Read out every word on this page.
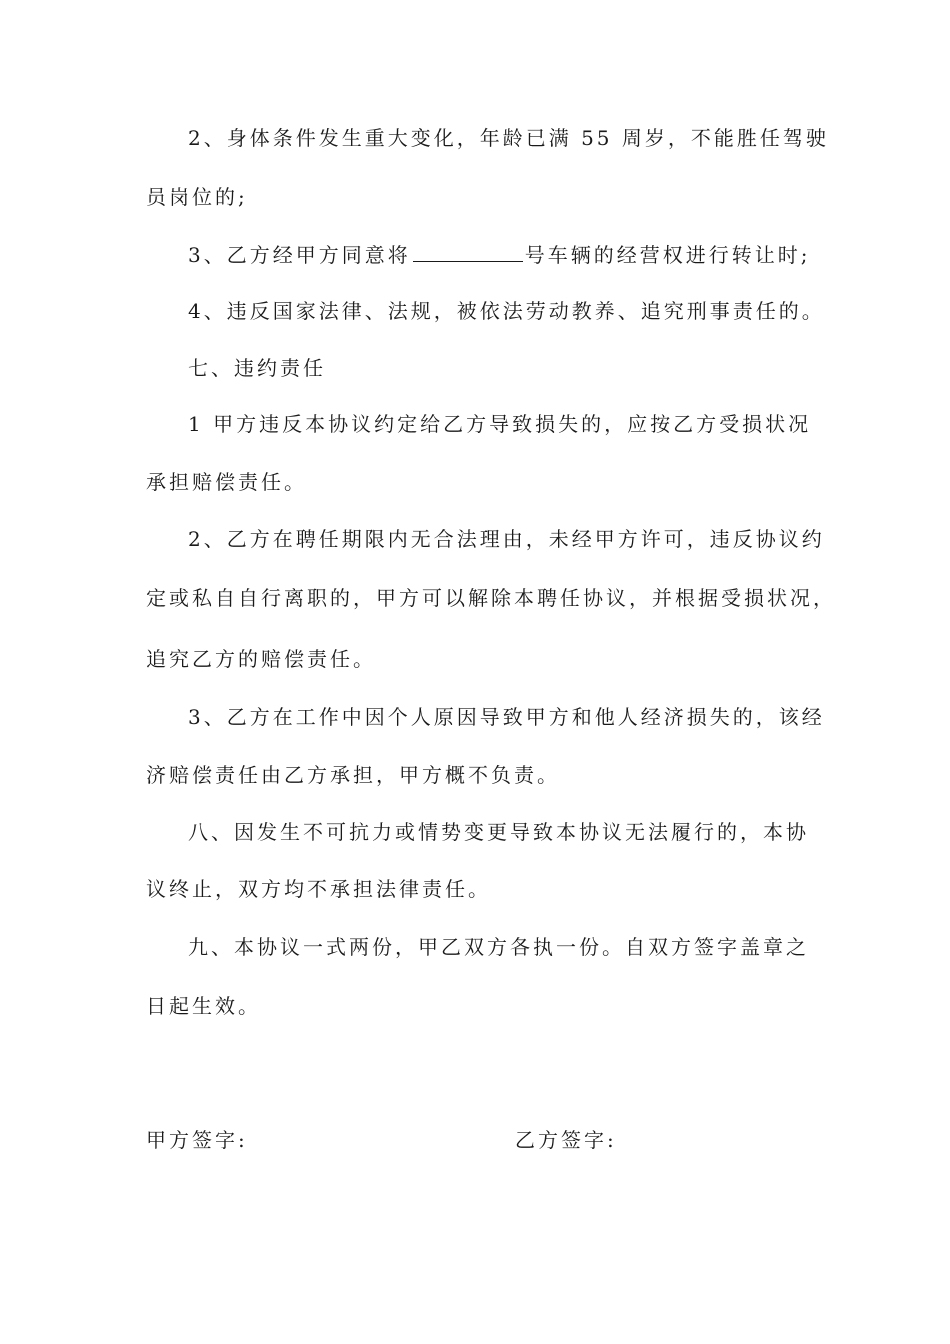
2、身体条件发生重大变化，年龄已满 55 周岁，不能胜任驾驶
员岗位的;
3、乙方经甲方同意将	号车辆的经营权进行转让时;
4、违反国家法律、法规，被依法劳动教养、追究刑事责任的。
七、违约责任
1 甲方违反本协议约定给乙方导致损失的，应按乙方受损状况
承担赔偿责任。
2、乙方在聘任期限内无合法理由，未经甲方许可，违反协议约
定或私自自行离职的，甲方可以解除本聘任协议，并根据受损状况，
追究乙方的赔偿责任。
3、乙方在工作中因个人原因导致甲方和他人经济损失的，该经
济赔偿责任由乙方承担，甲方概不负责。
八、因发生不可抗力或情势变更导致本协议无法履行的，本协
议终止，双方均不承担法律责任。
九、本协议一式两份，甲乙双方各执一份。自双方签字盖章之
日起生效。
甲方签字:	乙方签字:
